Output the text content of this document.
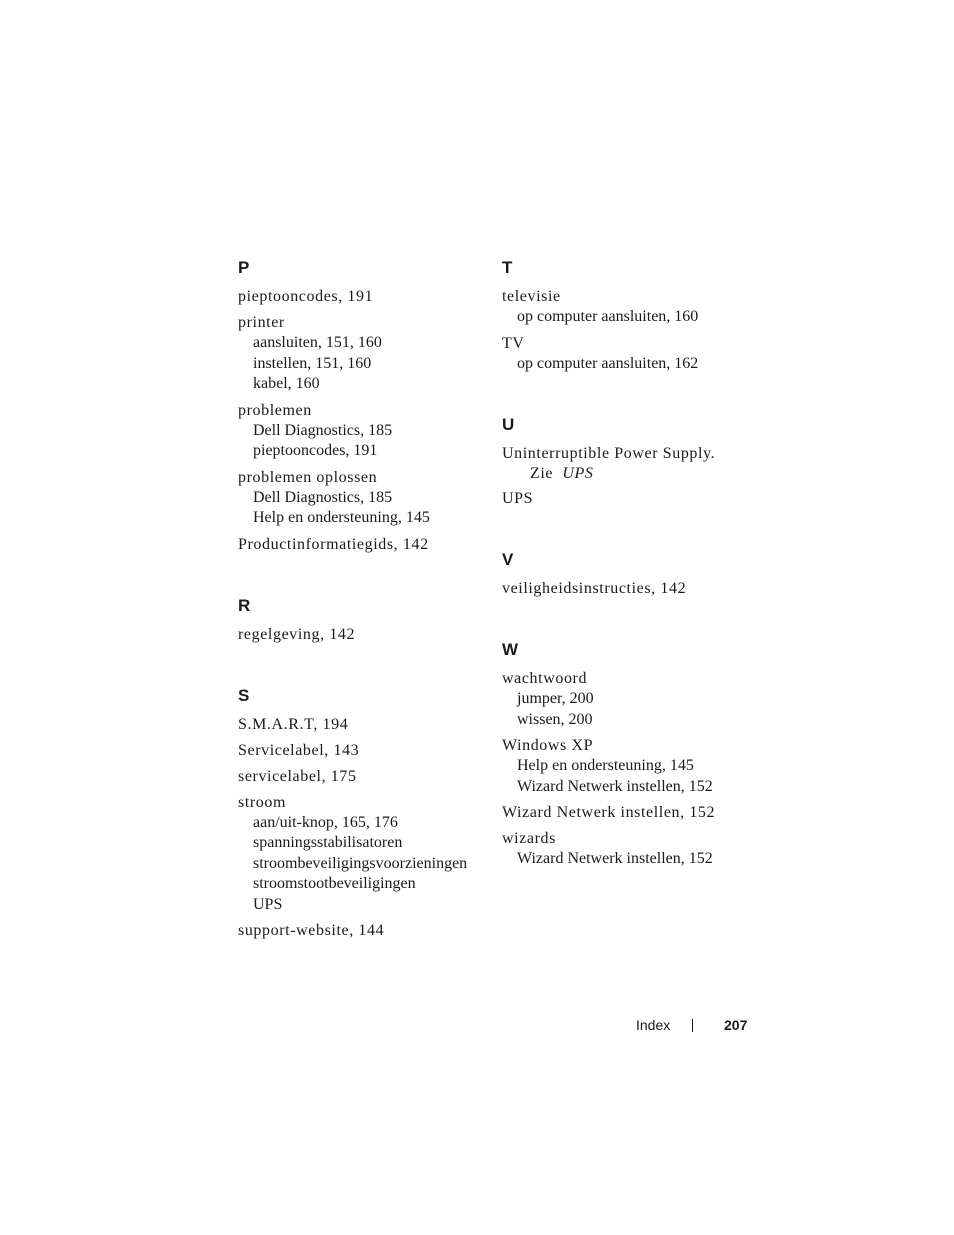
P
pieptooncodes, 191
printer
aansluiten, 151, 160
instellen, 151, 160
kabel, 160
problemen
Dell Diagnostics, 185
pieptooncodes, 191
problemen oplossen
Dell Diagnostics, 185
Help en ondersteuning, 145
Productinformatiegids, 142
R
regelgeving, 142
S
S.M.A.R.T, 194
Servicelabel, 143
servicelabel, 175
stroom
aan/uit-knop, 165, 176
spanningsstabilisatoren
stroombeveiligingsvoorzieningen
stroomstootbeveiligingen
UPS
support-website, 144
T
televisie
op computer aansluiten, 160
TV
op computer aansluiten, 162
U
Uninterruptible Power Supply.
Zie UPS
UPS
V
veiligheidsinstructies, 142
W
wachtwoord
jumper, 200
wissen, 200
Windows XP
Help en ondersteuning, 145
Wizard Netwerk instellen, 152
Wizard Netwerk instellen, 152
wizards
Wizard Netwerk instellen, 152
Index	207
